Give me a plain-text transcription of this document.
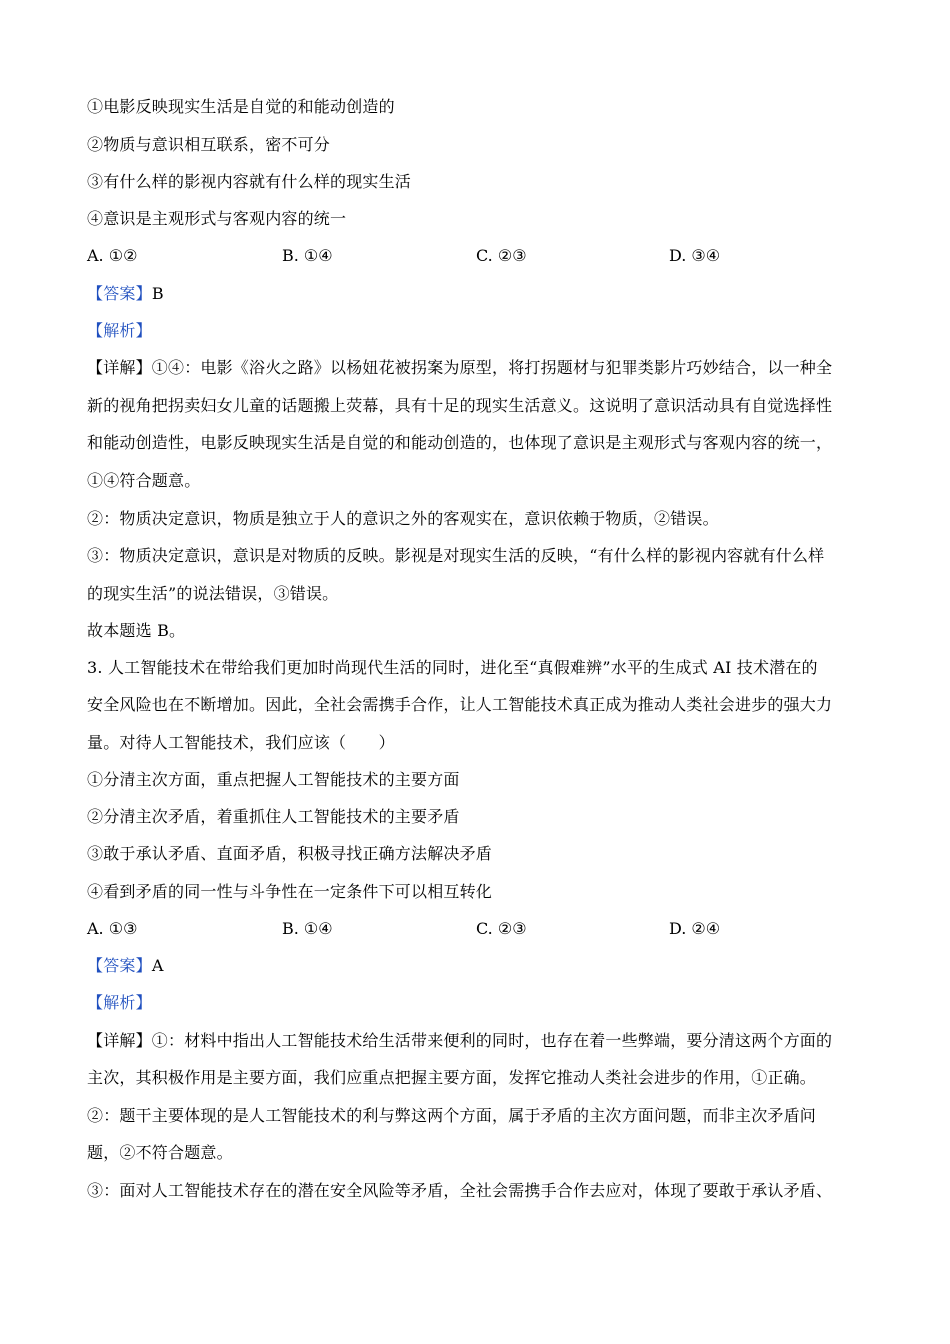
①电影反映现实生活是自觉的和能动创造的
②物质与意识相互联系，密不可分
③有什么样的影视内容就有什么样的现实生活
④意识是主观形式与客观内容的统一
A. ①②	B. ①④	C. ②③	D. ③④
【答案】B
【解析】
【详解】①④：电影《浴火之路》以杨妞花被拐案为原型，将打拐题材与犯罪类影片巧妙结合，以一种全
新的视角把拐卖妇女儿童的话题搬上荧幕，具有十足的现实生活意义。这说明了意识活动具有自觉选择性
和能动创造性，电影反映现实生活是自觉的和能动创造的，也体现了意识是主观形式与客观内容的统一，
①④符合题意。
②：物质决定意识，物质是独立于人的意识之外的客观实在，意识依赖于物质，②错误。
③：物质决定意识，意识是对物质的反映。影视是对现实生活的反映，“有什么样的影视内容就有什么样
的现实生活”的说法错误，③错误。
故本题选 B。
3. 人工智能技术在带给我们更加时尚现代生活的同时，进化至“真假难辨”水平的生成式 AI 技术潜在的
安全风险也在不断增加。因此，全社会需携手合作，让人工智能技术真正成为推动人类社会进步的强大力
量。对待人工智能技术，我们应该（　　）
①分清主次方面，重点把握人工智能技术的主要方面
②分清主次矛盾，着重抓住人工智能技术的主要矛盾
③敢于承认矛盾、直面矛盾，积极寻找正确方法解决矛盾
④看到矛盾的同一性与斗争性在一定条件下可以相互转化
A. ①③	B. ①④	C. ②③	D. ②④
【答案】A
【解析】
【详解】①：材料中指出人工智能技术给生活带来便利的同时，也存在着一些弊端，要分清这两个方面的
主次，其积极作用是主要方面，我们应重点把握主要方面，发挥它推动人类社会进步的作用，①正确。
②：题干主要体现的是人工智能技术的利与弊这两个方面，属于矛盾的主次方面问题，而非主次矛盾问
题，②不符合题意。
③：面对人工智能技术存在的潜在安全风险等矛盾，全社会需携手合作去应对，体现了要敢于承认矛盾、
